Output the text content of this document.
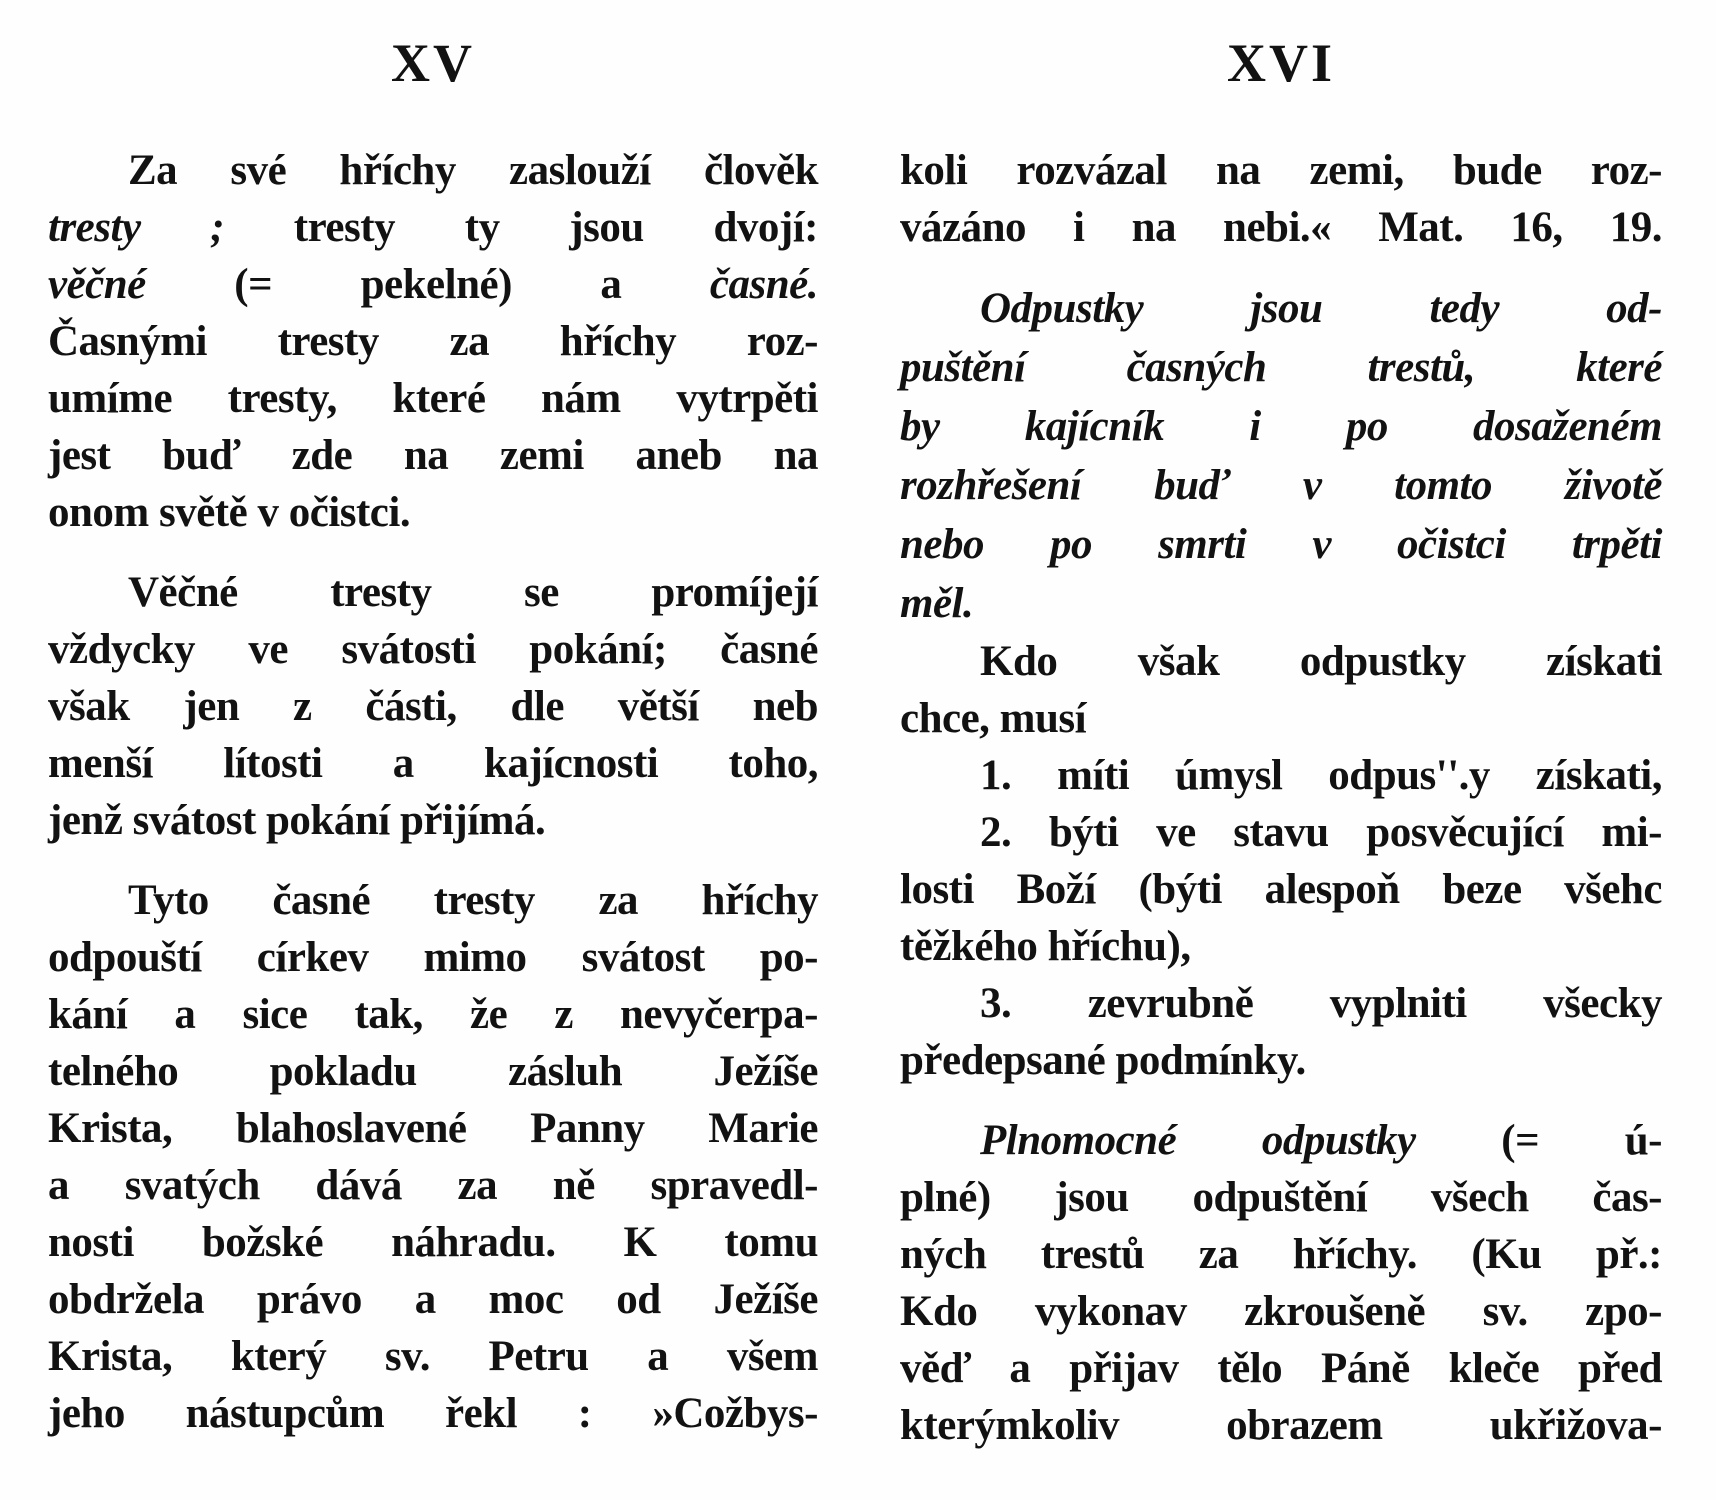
XV	XVI
Za své hříchy zaslouží člověk
tresty ; tresty ty jsou dvojí:
věčné (= pekelné) a časné.
Časnými tresty za hříchy roz-
umíme tresty, které nám vytrpěti
jest buď zde na zemi aneb na
onom světě v očistci.
Věčné tresty se promíjejí
vždycky ve svátosti pokání; časné
však jen z části, dle větší neb
menší lítosti a kajícnosti toho,
jenž svátost pokání přijímá.
Tyto časné tresty za hříchy
odpouští církev mimo svátost po-
kání a sice tak, že z nevyčerpa-
telného pokladu zásluh Ježíše
Krista, blahoslavené Panny Marie
a svatých dává za ně spravedl-
nosti božské náhradu. K tomu
obdržela právo a moc od Ježíše
Krista, který sv. Petru a všem
jeho nástupcům řekl : »Cožbys-
koli rozvázal na zemi, bude roz-
vázáno i na nebi.« Mat. 16, 19.
Odpustky jsou tedy od-
puštění časných trestů, které
by kajícník i po dosaženém
rozhřešení buď v tomto životě
nebo po smrti v očistci trpěti
měl.
Kdo však odpustky získati
chce, musí
1. míti úmysl odpus''.y získati,
2. býti ve stavu posvěcující mi-
losti Boží (býti alespoň beze všehc
těžkého hříchu),
3. zevrubně vyplniti všecky
předepsané podmínky.
Plnomocné odpustky (= ú-
plné) jsou odpuštění všech čas-
ných trestů za hříchy. (Ku př.:
Kdo vykonav zkroušeně sv. zpo-
věď a přijav tělo Páně kleče před
kterýmkoliv obrazem ukřižova-
